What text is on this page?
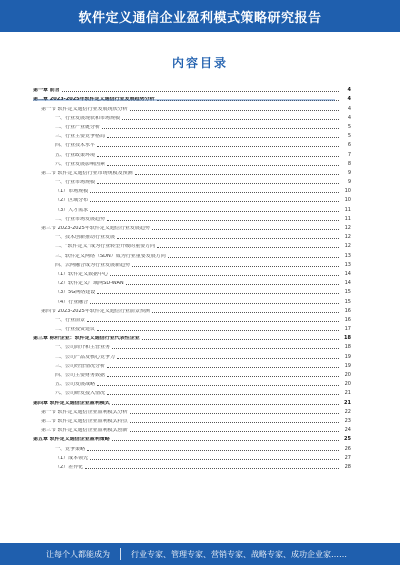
软件定义通信企业盈利模式策略研究报告
内容目录
第一章 前言	4
第二章 2023-2025年软件定义通信行业发展趋势分析	4
第一节 软件定义通信行业发展现状分析	4
一、行业发展现状和市场规模	4
二、行业产业链分析	5
三、行业主要竞争格局	5
四、行业技术水平	6
五、行业政策环境	7
六、行业发展影响因素	8
第二节 软件定义通信行业市场规模及预测	9
一、行业市场规模	9
（1）市场规模	10
（2）区域分布	10
（3）人才需求	11
二、行业市场发展趋势	11
第三节 2023-2025年软件定义通信行业发展趋势	12
一、技术创新推动行业发展	12
二、“软件定义”成为行业转型升级的重要方向	12
三、软件定义网络（SDN）成为行业重要发展方向	13
四、云网融合成为行业发展新趋势	13
（1）软件定义数据中心	14
（2）软件定义广域网SD-WAN	14
（3）5G网络建设	15
（4）行业融合	15
第四节 2023-2025年软件定义通信行业前景预测	16
一、行业前景	16
二、行业投资建议	17
第三章 标杆企业：软件定义通信行业代表性企业	18
一、公司简介和主营业务	18
二、公司产品及核心竞争力	19
三、公司经营情况分析	19
四、公司主要财务数据	20
五、公司发展战略	20
六、公司研发投入情况	21
第四章 软件定义通信企业盈利模式	21
第一节 软件定义通信企业盈利模式分析	22
第二节 软件定义通信企业盈利模式特点	23
第三节 软件定义通信企业盈利模式创新	24
第五章 软件定义通信企业盈利策略	25
一、竞争策略	26
（1）成本领先	27
（2）差异化	28
让每个人都能成为	行业专家、管理专家、营销专家、战略专家、成功企业家……
